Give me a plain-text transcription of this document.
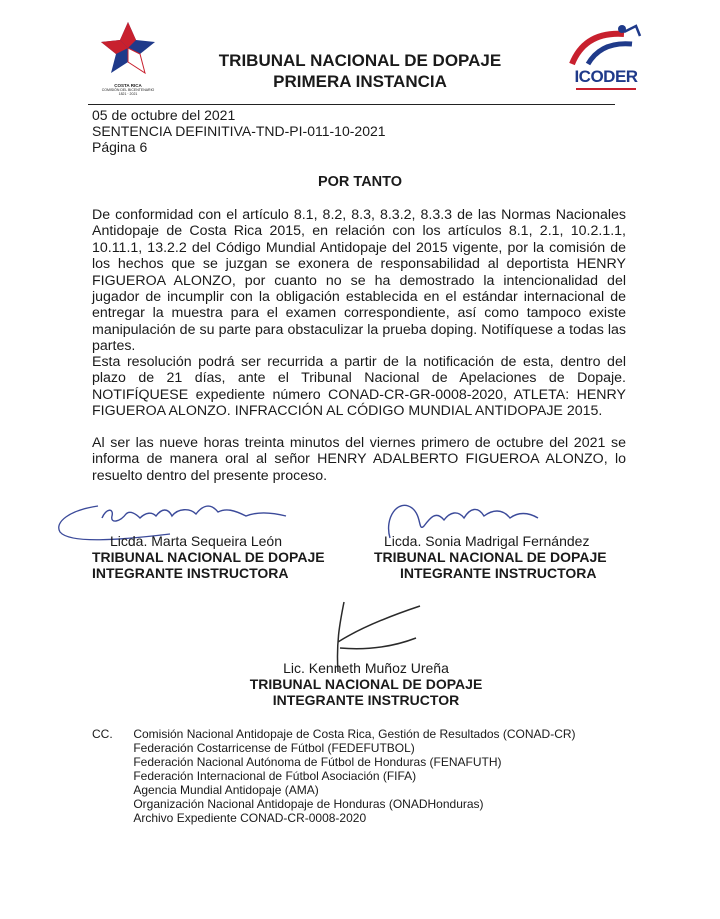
COSTA RICA
COMISIÓN DEL BICENTENARIO
1821 · 2021
TRIBUNAL NACIONAL DE DOPAJE
PRIMERA INSTANCIA	ICODER
05 de octubre del 2021
SENTENCIA DEFINITIVA-TND-PI-011-10-2021
Página 6
POR TANTO
De conformidad con el artículo 8.1, 8.2, 8.3, 8.3.2, 8.3.3 de las Normas Nacionales Antidopaje de Costa Rica 2015, en relación con los artículos 8.1, 2.1, 10.2.1.1, 10.11.1, 13.2.2 del Código Mundial Antidopaje del 2015 vigente, por la comisión de los hechos que se juzgan se exonera de responsabilidad al deportista HENRY FIGUEROA ALONZO, por cuanto no se ha demostrado la intencionalidad del jugador de incumplir con la obligación establecida en el estándar internacional de entregar la muestra para el examen correspondiente, así como tampoco existe manipulación de su parte para obstaculizar la prueba doping. Notifíquese a todas las partes.
Esta resolución podrá ser recurrida a partir de la notificación de esta, dentro del plazo de 21 días, ante el Tribunal Nacional de Apelaciones de Dopaje. NOTIFÍQUESE expediente número CONAD-CR-GR-0008-2020, ATLETA: HENRY FIGUEROA ALONZO. INFRACCIÓN AL CÓDIGO MUNDIAL ANTIDOPAJE 2015.
Al ser las nueve horas treinta minutos del viernes primero de octubre del 2021 se informa de manera oral al señor HENRY ADALBERTO FIGUEROA ALONZO, lo resuelto dentro del presente proceso.
Licda. Marta Sequeira León
TRIBUNAL NACIONAL DE DOPAJE
INTEGRANTE INSTRUCTORA
Licda. Sonia Madrigal Fernández
TRIBUNAL NACIONAL DE DOPAJE
INTEGRANTE INSTRUCTORA
Lic. Kenneth Muñoz Ureña
TRIBUNAL NACIONAL DE DOPAJE
INTEGRANTE INSTRUCTOR
CC. Comisión Nacional Antidopaje de Costa Rica, Gestión de Resultados (CONAD-CR)
Federación Costarricense de Fútbol (FEDEFUTBOL)
Federación Nacional Autónoma de Fútbol de Honduras (FENAFUTH)
Federación Internacional de Fútbol Asociación (FIFA)
Agencia Mundial Antidopaje (AMA)
Organización Nacional Antidopaje de Honduras (ONADHonduras)
Archivo Expediente CONAD-CR-0008-2020
